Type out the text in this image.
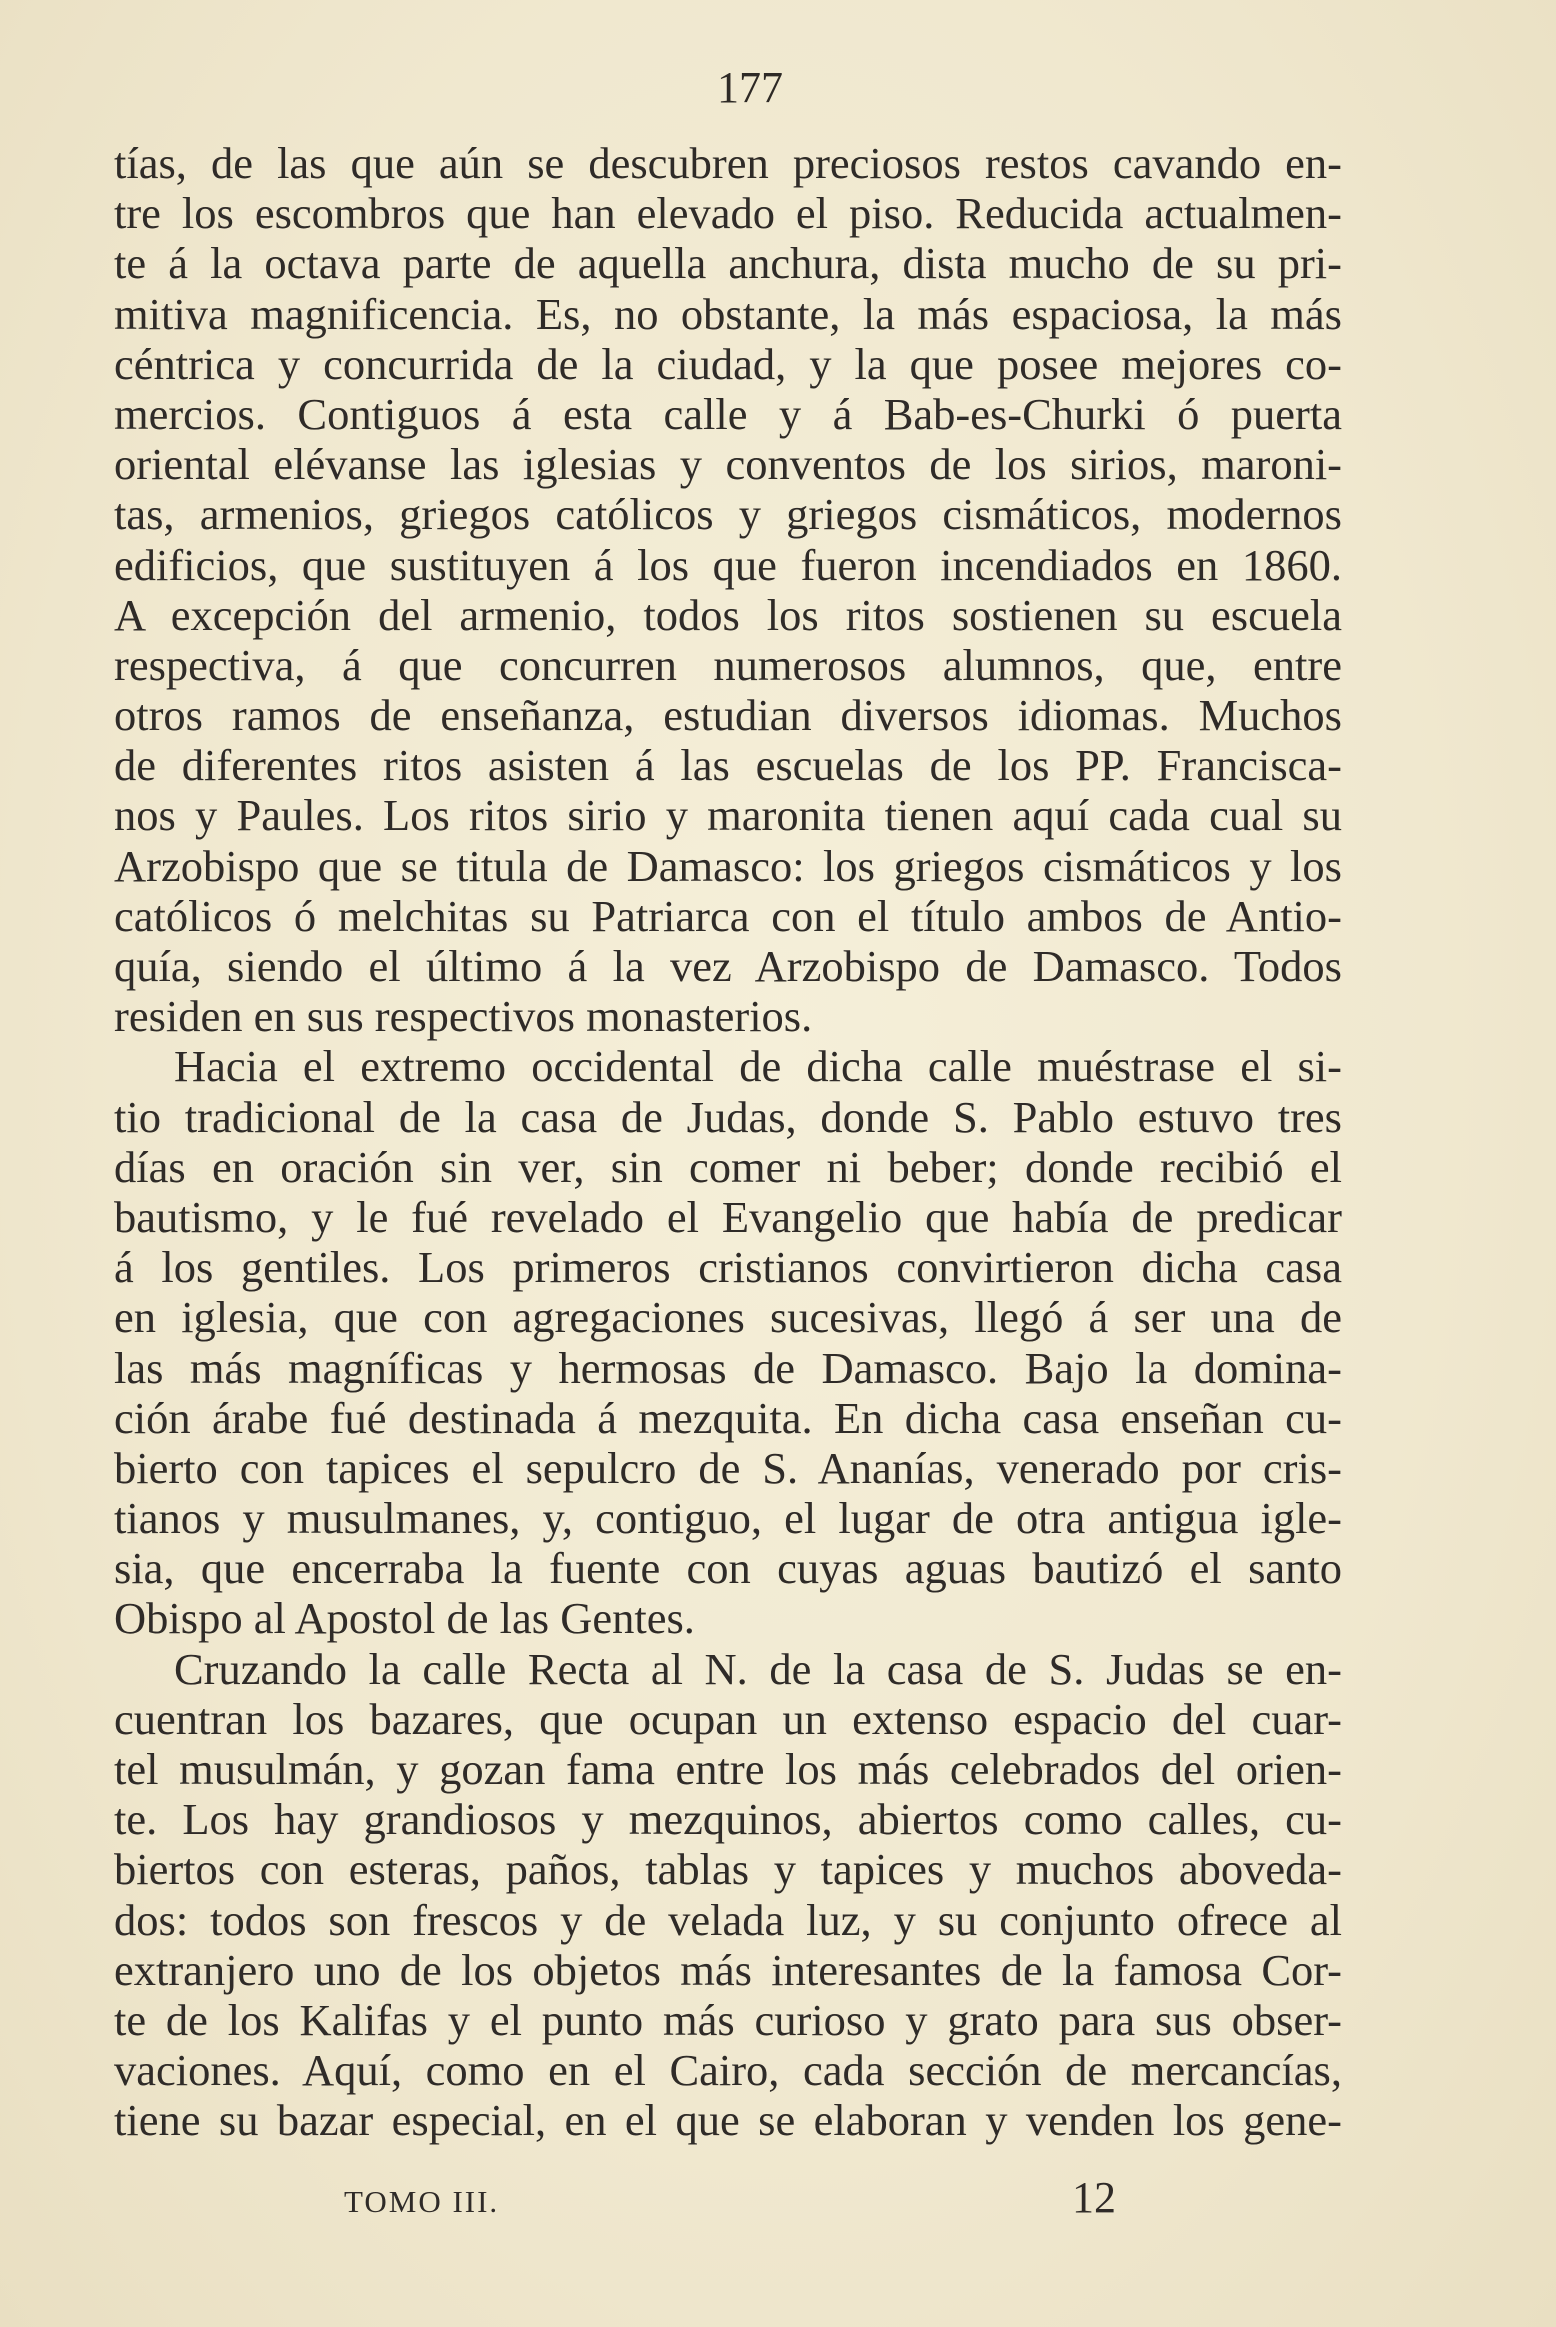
177
tías, de las que aún se descubren preciosos restos cavando en-
tre los escombros que han elevado el piso. Reducida actualmen-
te á la octava parte de aquella anchura, dista mucho de su pri-
mitiva magnificencia. Es, no obstante, la más espaciosa, la más
céntrica y concurrida de la ciudad, y la que posee mejores co-
mercios. Contiguos á esta calle y á Bab-es-Churki ó puerta
oriental elévanse las iglesias y conventos de los sirios, maroni-
tas, armenios, griegos católicos y griegos cismáticos, modernos
edificios, que sustituyen á los que fueron incendiados en 1860.
A excepción del armenio, todos los ritos sostienen su escuela
respectiva, á que concurren numerosos alumnos, que, entre
otros ramos de enseñanza, estudian diversos idiomas. Muchos
de diferentes ritos asisten á las escuelas de los PP. Francisca-
nos y Paules. Los ritos sirio y maronita tienen aquí cada cual su
Arzobispo que se titula de Damasco: los griegos cismáticos y los
católicos ó melchitas su Patriarca con el título ambos de Antio-
quía, siendo el último á la vez Arzobispo de Damasco. Todos
residen en sus respectivos monasterios.
Hacia el extremo occidental de dicha calle muéstrase el si-
tio tradicional de la casa de Judas, donde S. Pablo estuvo tres
días en oración sin ver, sin comer ni beber; donde recibió el
bautismo, y le fué revelado el Evangelio que había de predicar
á los gentiles. Los primeros cristianos convirtieron dicha casa
en iglesia, que con agregaciones sucesivas, llegó á ser una de
las más magníficas y hermosas de Damasco. Bajo la domina-
ción árabe fué destinada á mezquita. En dicha casa enseñan cu-
bierto con tapices el sepulcro de S. Ananías, venerado por cris-
tianos y musulmanes, y, contiguo, el lugar de otra antigua igle-
sia, que encerraba la fuente con cuyas aguas bautizó el santo
Obispo al Apostol de las Gentes.
Cruzando la calle Recta al N. de la casa de S. Judas se en-
cuentran los bazares, que ocupan un extenso espacio del cuar-
tel musulmán, y gozan fama entre los más celebrados del orien-
te. Los hay grandiosos y mezquinos, abiertos como calles, cu-
biertos con esteras, paños, tablas y tapices y muchos aboveda-
dos: todos son frescos y de velada luz, y su conjunto ofrece al
extranjero uno de los objetos más interesantes de la famosa Cor-
te de los Kalifas y el punto más curioso y grato para sus obser-
vaciones. Aquí, como en el Cairo, cada sección de mercancías,
tiene su bazar especial, en el que se elaboran y venden los gene-
TOMO III.	12
